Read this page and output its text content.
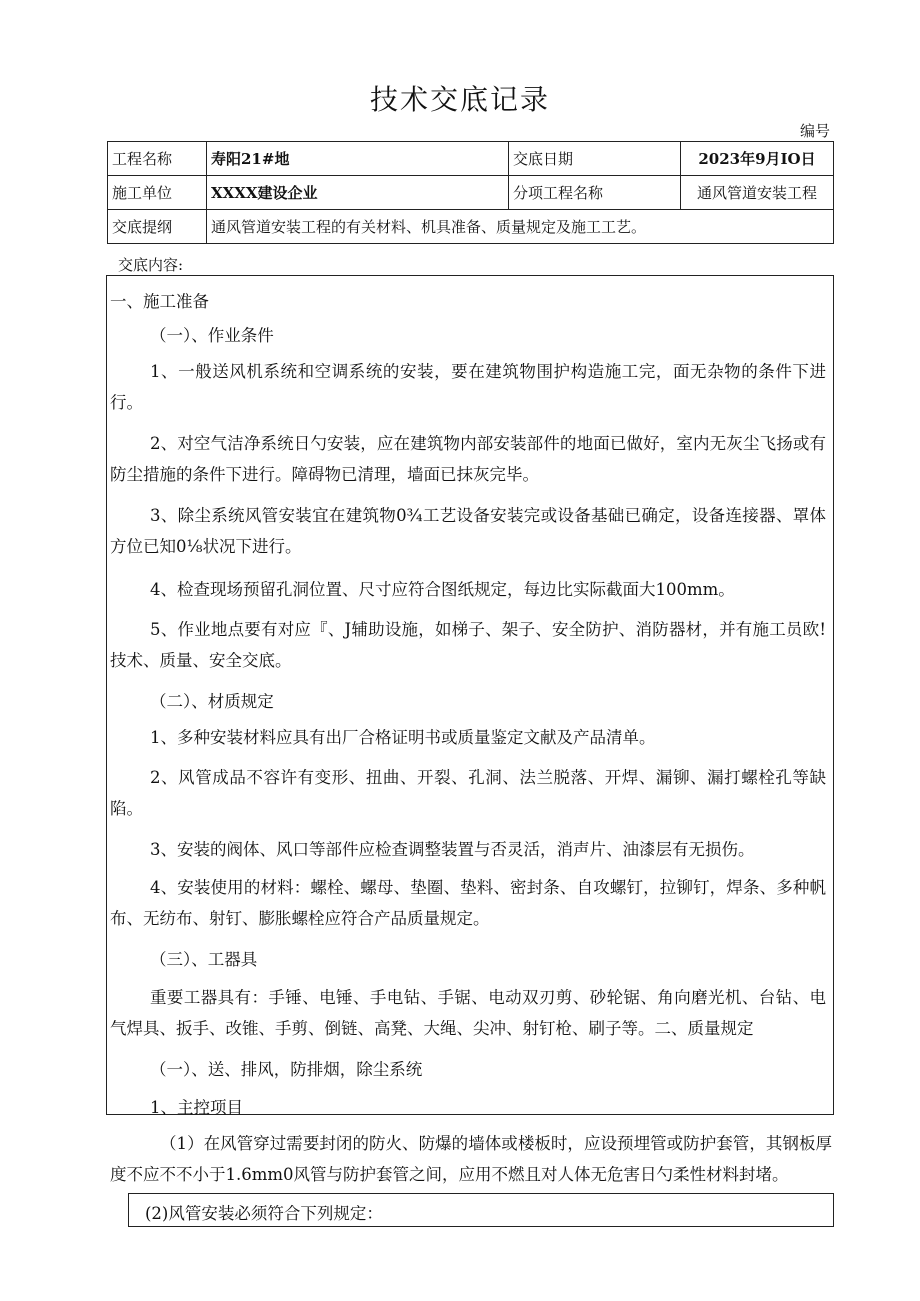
技术交底记录
编号
工程名称	寿阳21#地	交底日期	2023年9月IO日
施工单位	XXXX建设企业	分项工程名称	通风管道安装工程
交底提纲	通风管道安装工程的有关材料、机具准备、质量规定及施工工艺。		
交底内容:
一、施工准备
（一）、作业条件
1、一般送风机系统和空调系统的安装，要在建筑物围护构造施工完，面无杂物的条件下进行。
2、对空气洁净系统日勺安装，应在建筑物内部安装部件的地面已做好，室内无灰尘飞扬或有防尘措施的条件下进行。障碍物已清理，墙面已抹灰完毕。
3、除尘系统风管安装宜在建筑物0¾工艺设备安装完或设备基础已确定，设备连接器、罩体方位已知0⅛状况下进行。
4、检查现场预留孔洞位置、尺寸应符合图纸规定，每边比实际截面大100mm。
5、作业地点要有对应『、J辅助设施，如梯子、架子、安全防护、消防器材，并有施工员欧!技术、质量、安全交底。
（二）、材质规定
1、多种安装材料应具有出厂合格证明书或质量鉴定文献及产品清单。
2、风管成品不容许有变形、扭曲、开裂、孔洞、法兰脱落、开焊、漏铆、漏打螺栓孔等缺陷。
3、安装的阀体、风口等部件应检查调整装置与否灵活，消声片、油漆层有无损伤。
4、安装使用的材料：螺栓、螺母、垫圈、垫料、密封条、自攻螺钉，拉铆钉，焊条、多种帆布、无纺布、射钉、膨胀螺栓应符合产品质量规定。
（三）、工器具
重要工器具有：手锤、电锤、手电钻、手锯、电动双刃剪、砂轮锯、角向磨光机、台钻、电气焊具、扳手、改锥、手剪、倒链、高凳、大绳、尖冲、射钉枪、刷子等。二、质量规定
（一）、送、排风，防排烟，除尘系统
1、主控项目
（1）在风管穿过需要封闭的防火、防爆的墙体或楼板时，应设预埋管或防护套管，其钢板厚度不应不不小于1.6mm0风管与防护套管之间，应用不燃且对人体无危害日勺柔性材料封堵。
(2)风管安装必须符合下列规定：
